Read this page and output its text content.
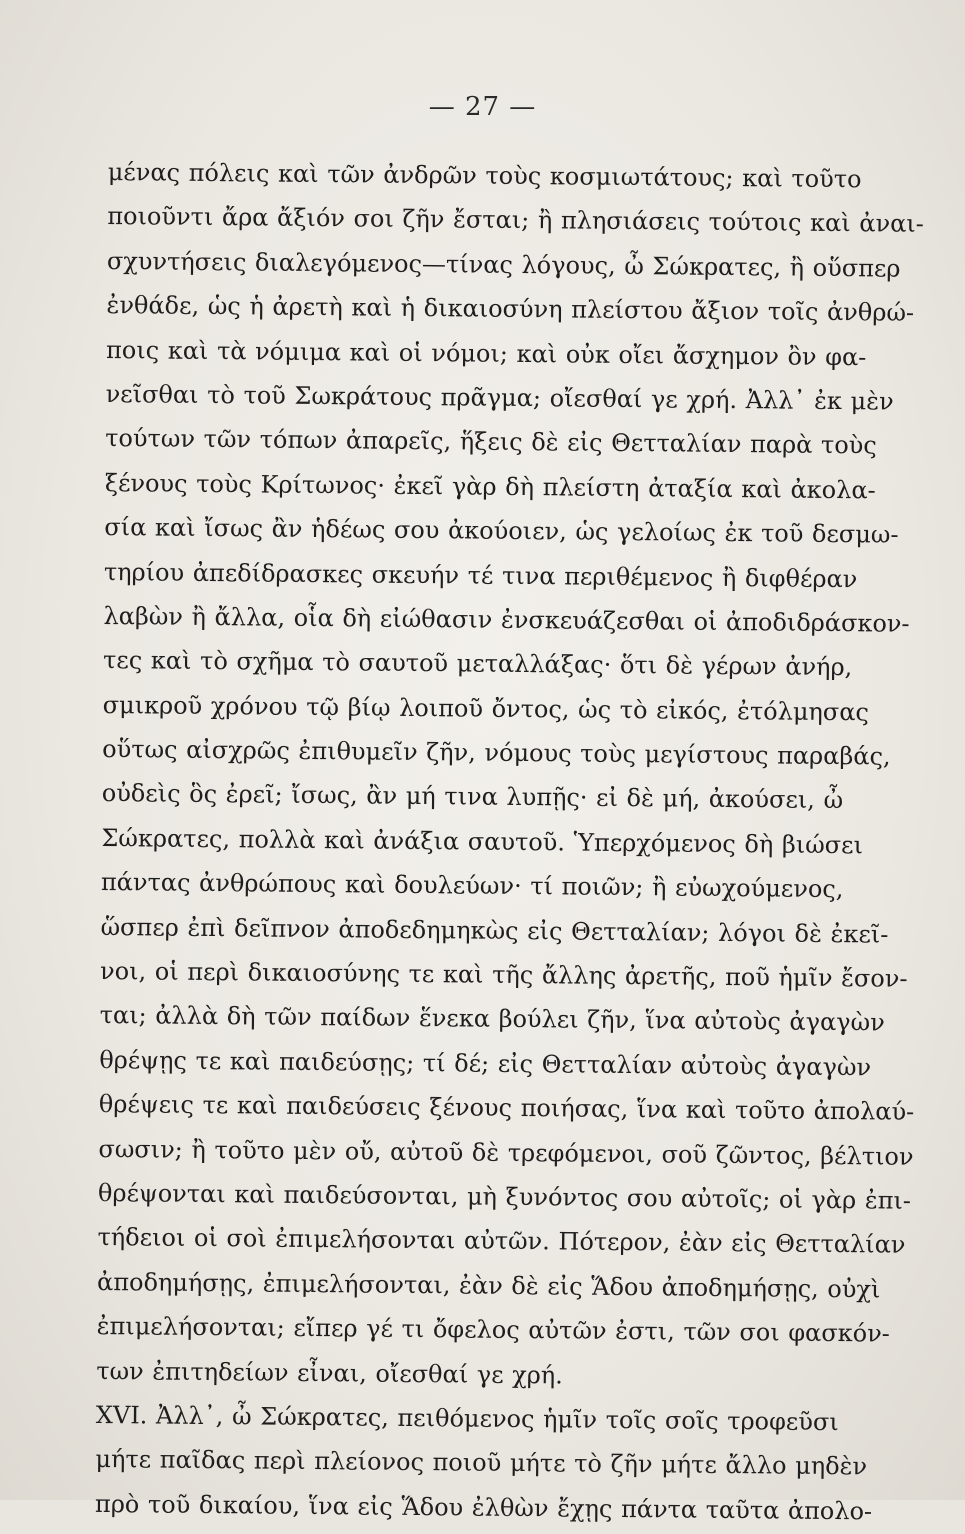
— 27 —
μένας πόλεις καὶ τῶν ἀνδρῶν τοὺς κοσμιωτάτους; καὶ τοῦτο
ποιοῦντι ἄρα ἄξιόν σοι ζῆν ἔσται; ἢ πλησιάσεις τούτοις καὶ ἀναι-
σχυντήσεις διαλεγόμενος—τίνας λόγους, ὦ Σώκρατες, ἢ οὕσπερ
ἐνθάδε, ὡς ἡ ἀρετὴ καὶ ἡ δικαιοσύνη πλείστου ἄξιον τοῖς ἀνθρώ-
ποις καὶ τὰ νόμιμα καὶ οἱ νόμοι; καὶ οὐκ οἴει ἄσχημον ὂν φα-
νεῖσθαι τὸ τοῦ Σωκράτους πρᾶγμα; οἴεσθαί γε χρή. Ἀλλ᾽ ἐκ μὲν
τούτων τῶν τόπων ἀπαρεῖς, ἥξεις δὲ εἰς Θετταλίαν παρὰ τοὺς
ξένους τοὺς Κρίτωνος· ἐκεῖ γὰρ δὴ πλείστη ἀταξία καὶ ἀκολα-
σία καὶ ἴσως ἂν ἡδέως σου ἀκούοιεν, ὡς γελοίως ἐκ τοῦ δεσμω-
τηρίου ἀπεδίδρασκες σκευήν τέ τινα περιθέμενος ἢ διφθέραν
λαβὼν ἢ ἄλλα, οἷα δὴ εἰώθασιν ἐνσκευάζεσθαι οἱ ἀποδιδράσκον-
τες καὶ τὸ σχῆμα τὸ σαυτοῦ μεταλλάξας· ὅτι δὲ γέρων ἀνήρ,
σμικροῦ χρόνου τῷ βίῳ λοιποῦ ὄντος, ὡς τὸ εἰκός, ἐτόλμησας
οὕτως αἰσχρῶς ἐπιθυμεῖν ζῆν, νόμους τοὺς μεγίστους παραβάς,
οὐδεὶς ὃς ἐρεῖ; ἴσως, ἂν μή τινα λυπῇς· εἰ δὲ μή, ἀκούσει, ὦ
Σώκρατες, πολλὰ καὶ ἀνάξια σαυτοῦ. Ὑπερχόμενος δὴ βιώσει
πάντας ἀνθρώπους καὶ δουλεύων· τί ποιῶν; ἢ εὐωχούμενος,
ὥσπερ ἐπὶ δεῖπνον ἀποδεδημηκὼς εἰς Θετταλίαν; λόγοι δὲ ἐκεῖ-
νοι, οἱ περὶ δικαιοσύνης τε καὶ τῆς ἄλλης ἀρετῆς, ποῦ ἡμῖν ἔσον-
ται; ἀλλὰ δὴ τῶν παίδων ἕνεκα βούλει ζῆν, ἵνα αὐτοὺς ἀγαγὼν
θρέψῃς τε καὶ παιδεύσῃς; τί δέ; εἰς Θετταλίαν αὐτοὺς ἀγαγὼν
θρέψεις τε καὶ παιδεύσεις ξένους ποιήσας, ἵνα καὶ τοῦτο ἀπολαύ-
σωσιν; ἢ τοῦτο μὲν οὔ, αὐτοῦ δὲ τρεφόμενοι, σοῦ ζῶντος, βέλτιον
θρέψονται καὶ παιδεύσονται, μὴ ξυνόντος σου αὐτοῖς; οἱ γὰρ ἐπι-
τήδειοι οἱ σοὶ ἐπιμελήσονται αὐτῶν. Πότερον, ἐὰν εἰς Θετταλίαν
ἀποδημήσῃς, ἐπιμελήσονται, ἐὰν δὲ εἰς Ἅδου ἀποδημήσῃς, οὐχὶ
ἐπιμελήσονται; εἴπερ γέ τι ὄφελος αὐτῶν ἐστι, τῶν σοι φασκόν-
των ἐπιτηδείων εἶναι, οἴεσθαί γε χρή.
ΧVΙ. Ἀλλ᾽, ὦ Σώκρατες, πειθόμενος ἡμῖν τοῖς σοῖς τροφεῦσι
μήτε παῖδας περὶ πλείονος ποιοῦ μήτε τὸ ζῆν μήτε ἄλλο μηδὲν
πρὸ τοῦ δικαίου, ἵνα εἰς Ἅδου ἐλθὼν ἔχῃς πάντα ταῦτα ἀπολο-
